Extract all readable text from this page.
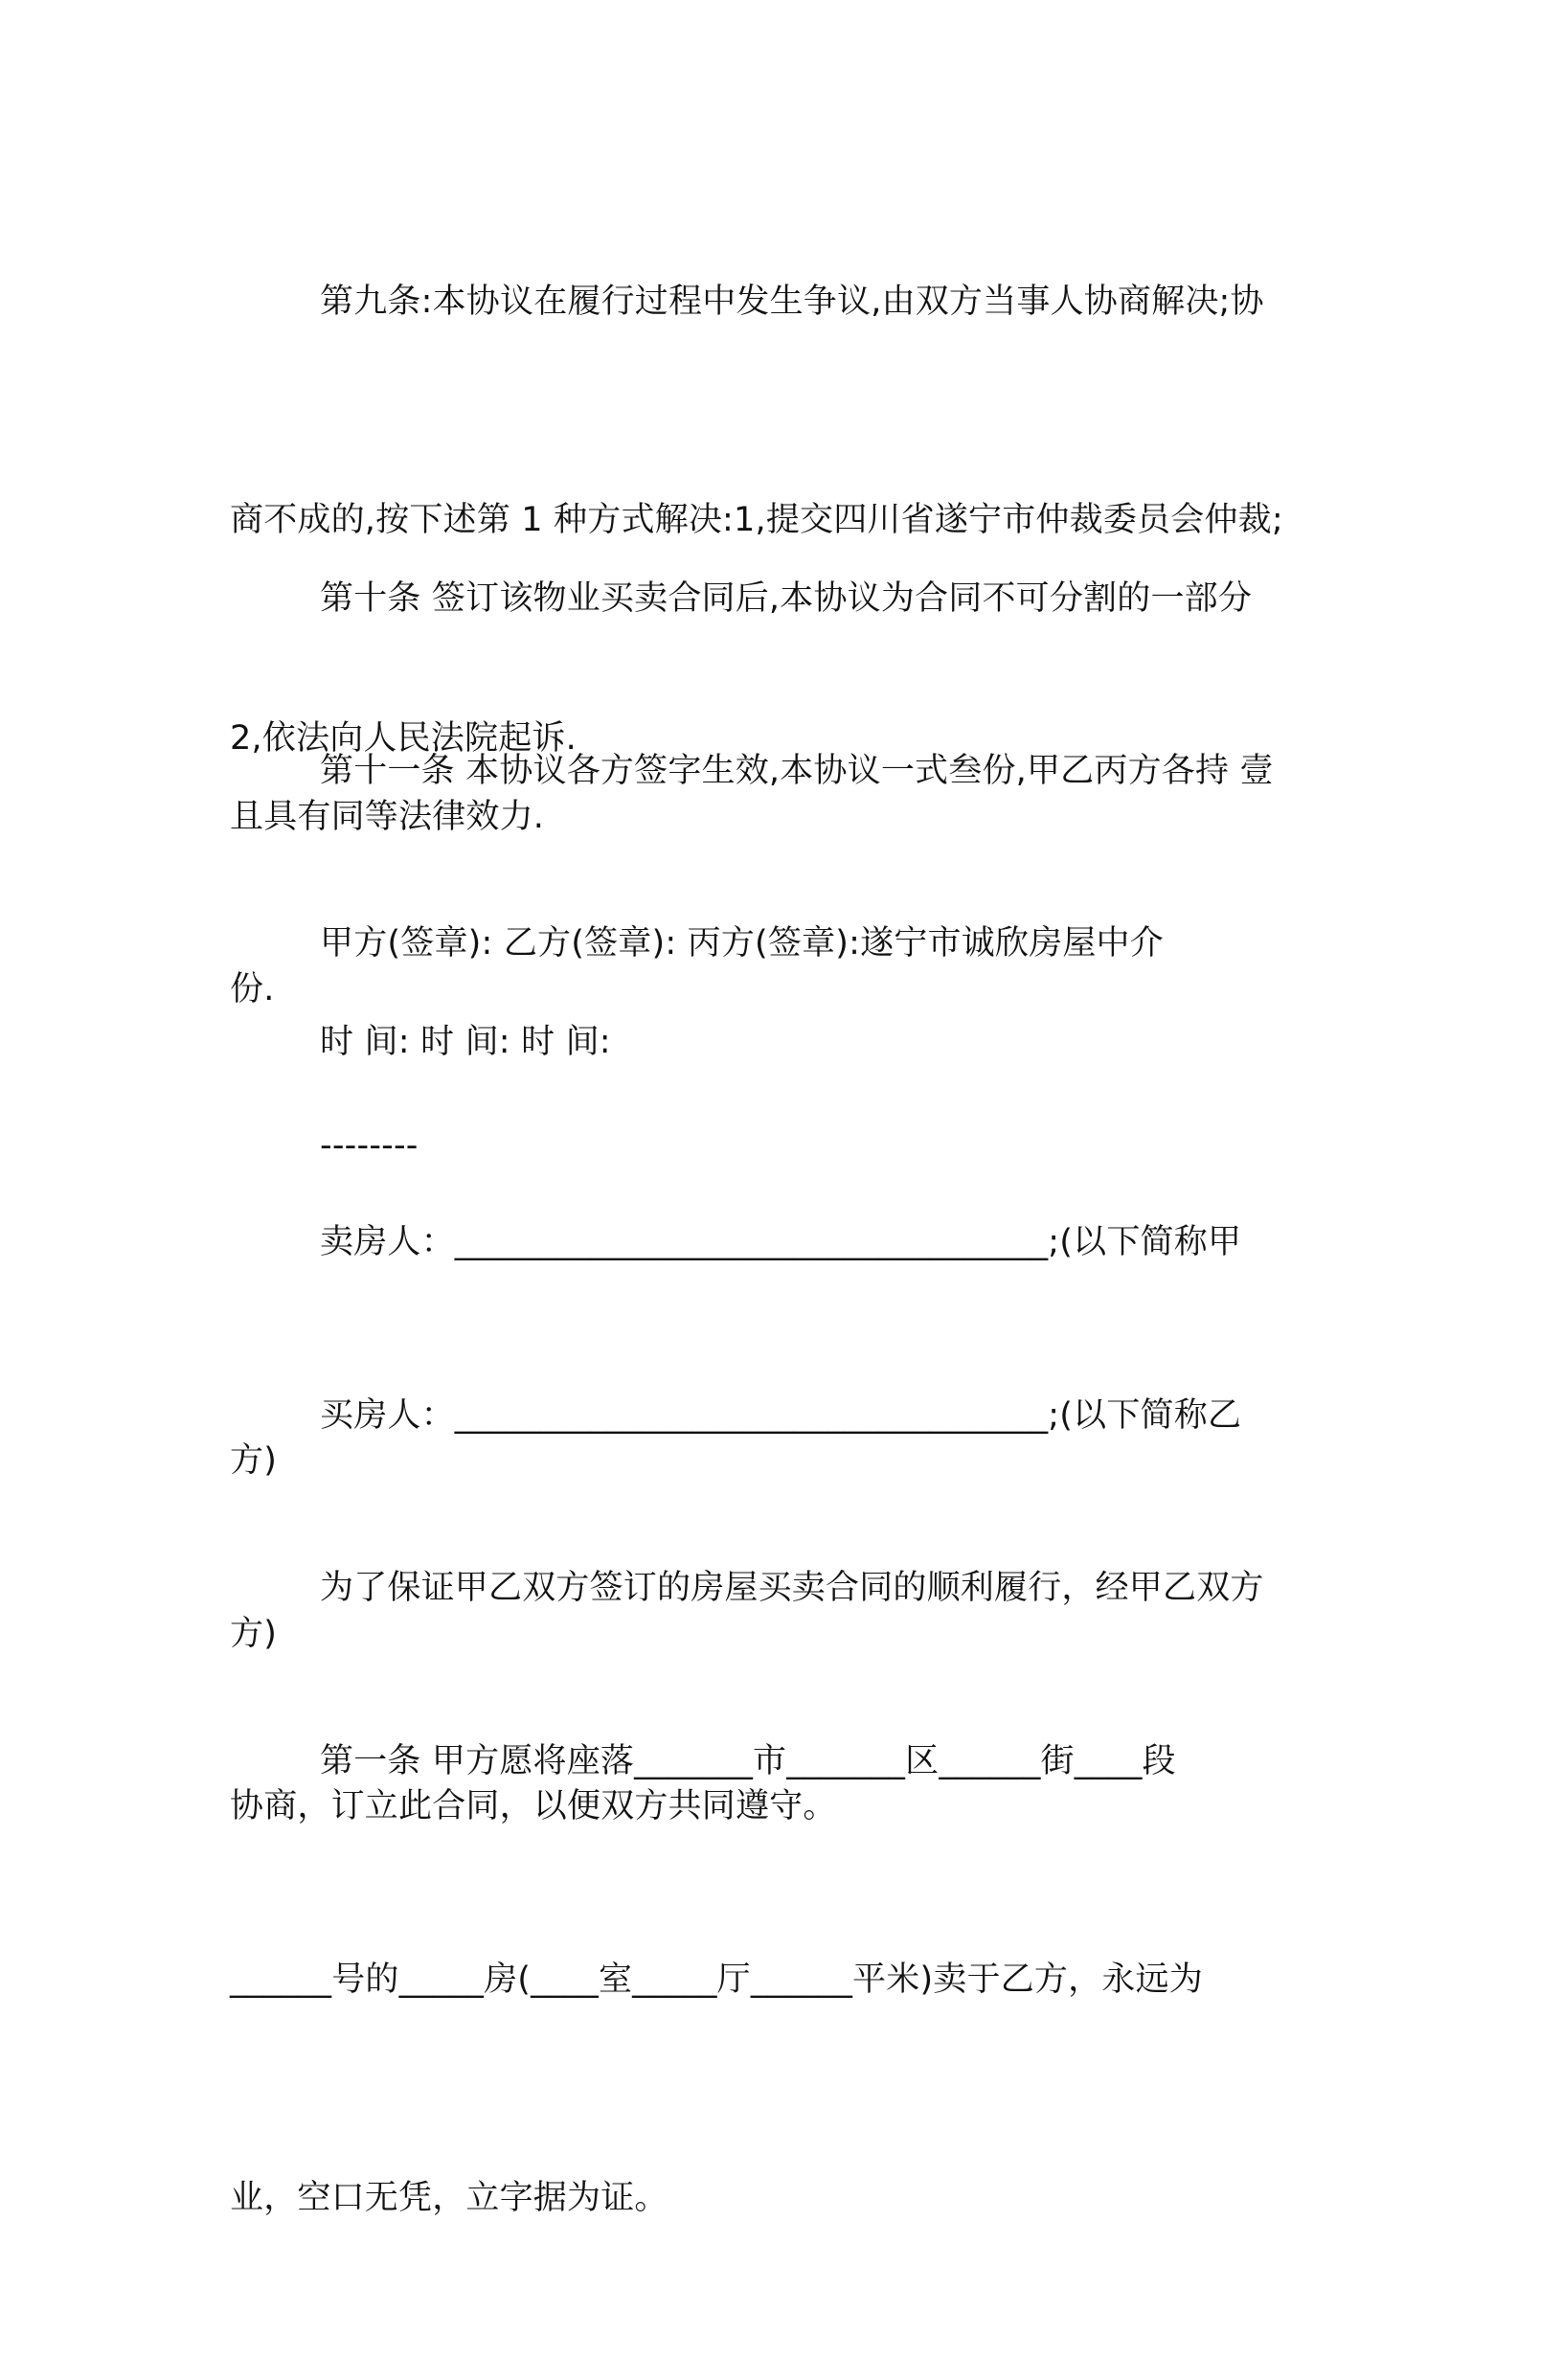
第九条:本协议在履行过程中发生争议,由双方当事人协商解决;协

商不成的,按下述第 1 种方式解决:1,提交四川省遂宁市仲裁委员会仲裁;

2,依法向人民法院起诉.

第十条 签订该物业买卖合同后,本协议为合同不可分割的一部分

且具有同等法律效力.

第十一条 本协议各方签字生效,本协议一式叁份,甲乙丙方各持 壹

份.

甲方(签章): 乙方(签章): 丙方(签章):遂宁市诚欣房屋中介

时 间: 时 间: 时 间:

--------

卖房人：___________________________________;(以下简称甲

方)

买房人：___________________________________;(以下简称乙

方)

为了保证甲乙双方签订的房屋买卖合同的顺利履行，经甲乙双方

协商，订立此合同，以便双方共同遵守。

第一条 甲方愿将座落_______市_______区______街____段

______号的_____房(____室_____厅______平米)卖于乙方，永远为

业，空口无凭，立字据为证。
